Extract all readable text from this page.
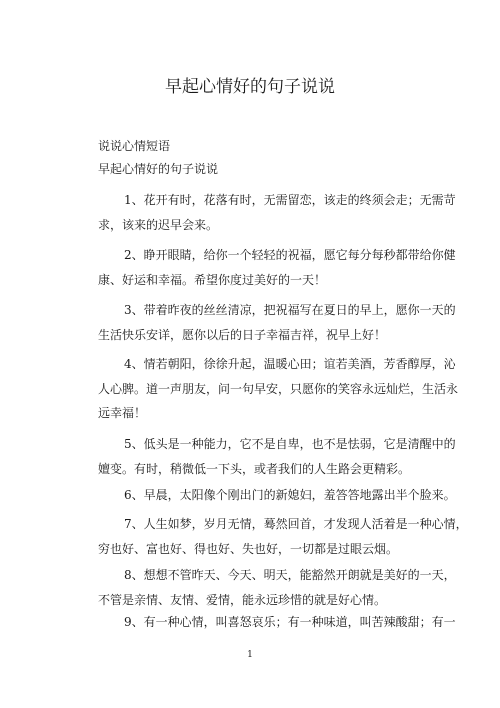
早起心情好的句子说说
说说心情短语
早起心情好的句子说说
1、花开有时，花落有时，无需留恋，该走的终须会走；无需苛
求，该来的迟早会来。
2、睁开眼睛，给你一个轻轻的祝福，愿它每分每秒都带给你健
康、好运和幸福。希望你度过美好的一天！
3、带着昨夜的丝丝清凉，把祝福写在夏日的早上，愿你一天的
生活快乐安详，愿你以后的日子幸福吉祥，祝早上好！
4、情若朝阳，徐徐升起，温暖心田；谊若美酒，芳香醇厚，沁
人心脾。道一声朋友，问一句早安，只愿你的笑容永远灿烂，生活永
远幸福！
5、低头是一种能力，它不是自卑，也不是怯弱，它是清醒中的
嬗变。有时，稍微低一下头，或者我们的人生路会更精彩。
6、早晨，太阳像个刚出门的新媳妇，羞答答地露出半个脸来。
7、人生如梦，岁月无情，蓦然回首，才发现人活着是一种心情，
穷也好、富也好、得也好、失也好，一切都是过眼云烟。
8、想想不管昨天、今天、明天，能豁然开朗就是美好的一天，
不管是亲情、友情、爱情，能永远珍惜的就是好心情。
9、有一种心情，叫喜怒哀乐；有一种味道，叫苦辣酸甜；有一
1
